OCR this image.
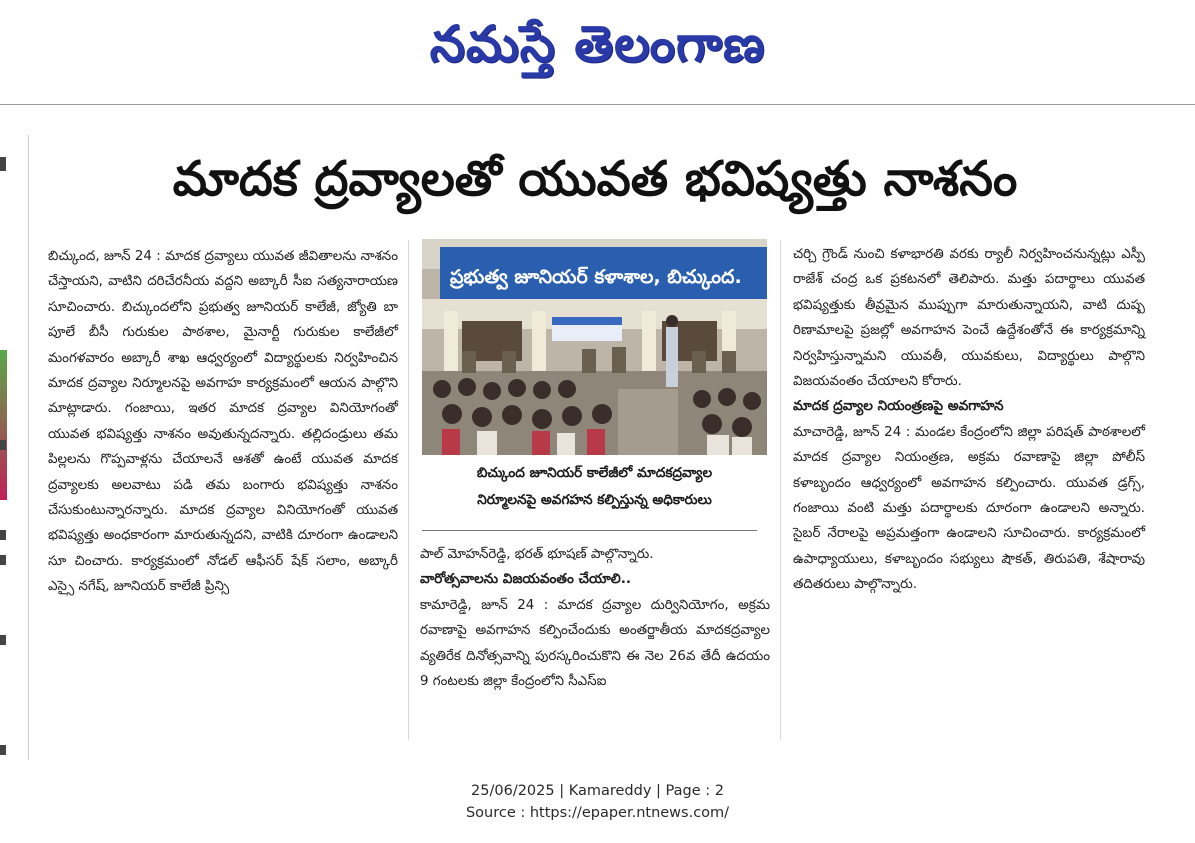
నమస్తే తెలంగాణ
మాదక ద్రవ్యాలతో యువత భవిష్యత్తు నాశనం

బిచ్కుంద, జూన్ 24 : మాదక ద్రవ్యాలు యువత జీవితాలను నాశనం చేస్తాయని, వాటిని దరిచేరనీయ వద్దని అబ్కారీ సీఐ సత్యనారాయణ సూచించారు. బిచ్కుందలోని ప్రభుత్వ జూనియర్ కాలేజీ, జ్యోతి బా పూలే బీసీ గురుకుల పాఠశాల, మైనార్టీ గురుకుల కాలేజీలో మంగళవారం అబ్కారీ శాఖ ఆధ్వర్యంలో విద్యార్థులకు నిర్వహించిన మాదక ద్రవ్యాల నిర్మూలనపై అవగాహ కార్యక్రమంలో ఆయన పాల్గొని మాట్లాడారు. గంజాయి, ఇతర మాదక ద్రవ్యాల వినియోగంతో యువత భవిష్యత్తు నాశనం అవుతున్నదన్నారు. తల్లిదండ్రులు తమ పిల్లలను గొప్పవాళ్లను చేయాలనే ఆశతో ఉంటే యువత మాదక ద్రవ్యాలకు అలవాటు పడి తమ బంగారు భవిష్యత్తు నాశనం చేసుకుంటున్నారన్నారు. మాదక ద్రవ్యాల వినియోగంతో యువత భవిష్యత్తు అంధకారంగా మారుతున్నదని, వాటికి దూరంగా ఉండాలని సూ చించారు. కార్యక్రమంలో నోడల్ ఆఫీసర్ షేక్ సలాం, అబ్కారీ ఎస్సై నగేష్, జూనియర్ కాలేజీ ప్రిన్సి

ప్రభుత్వ జూనియర్ కళాశాల, బిచ్కుంద.
బిచ్కుంద జూనియర్ కాలేజీలో మాదకద్రవ్యాల
నిర్మూలనపై అవగహన కల్పిస్తున్న అధికారులు

పాల్ మోహన్‌రెడ్డి, భరత్ భూషణ్ పాల్గొన్నారు.

వారోత్సవాలను విజయవంతం చేయాలి..

కామారెడ్డి, జూన్ 24 : మాదక ద్రవ్యాల దుర్వినియోగం, అక్రమ రవాణాపై అవగాహన కల్పించేందుకు అంతర్జాతీయ మాదకద్రవ్యాల వ్యతిరేక దినోత్సవాన్ని పురస్కరించుకొని ఈ నెల 26వ తేదీ ఉదయం 9 గంటలకు జిల్లా కేంద్రంలోని సీఎస్ఐ

చర్చి గ్రౌండ్ నుంచి కళాభారతి వరకు ర్యాలీ నిర్వహించనున్నట్లు ఎస్పీ రాజేశ్ చంద్ర ఒక ప్రకటనలో తెలిపారు. మత్తు పదార్థాలు యువత భవిష్యత్తుకు తీవ్రమైన ముప్పుగా మారుతున్నాయని, వాటి దుష్ప రిణామాలపై ప్రజల్లో అవగాహన పెంచే ఉద్దేశంతోనే ఈ కార్యక్రమాన్ని నిర్వహిస్తున్నామని యువతీ, యువకులు, విద్యార్థులు పాల్గొని విజయవంతం చేయాలని కోరారు.

మాదక ద్రవ్యాల నియంత్రణపై అవగాహన

మాచారెడ్డి, జూన్ 24 : మండల కేంద్రంలోని జిల్లా పరిషత్ పాఠశాలలో మాదక ద్రవ్యాల నియంత్రణ, అక్రమ రవాణాపై జిల్లా పోలీస్ కళాబృందం ఆధ్వర్యంలో అవగాహన కల్పించారు. యువత డ్రగ్స్, గంజాయి వంటి మత్తు పదార్థాలకు దూరంగా ఉండాలని అన్నారు. సైబర్ నేరాలపై అప్రమత్తంగా ఉండాలని సూచించారు. కార్యక్రమంలో ఉపాధ్యాయులు, కళాబృందం సభ్యులు షౌకత్, తిరుపతి, శేషారావు తదితరులు పాల్గొన్నారు.

25/06/2025 | Kamareddy | Page : 2
Source : https://epaper.ntnews.com/
